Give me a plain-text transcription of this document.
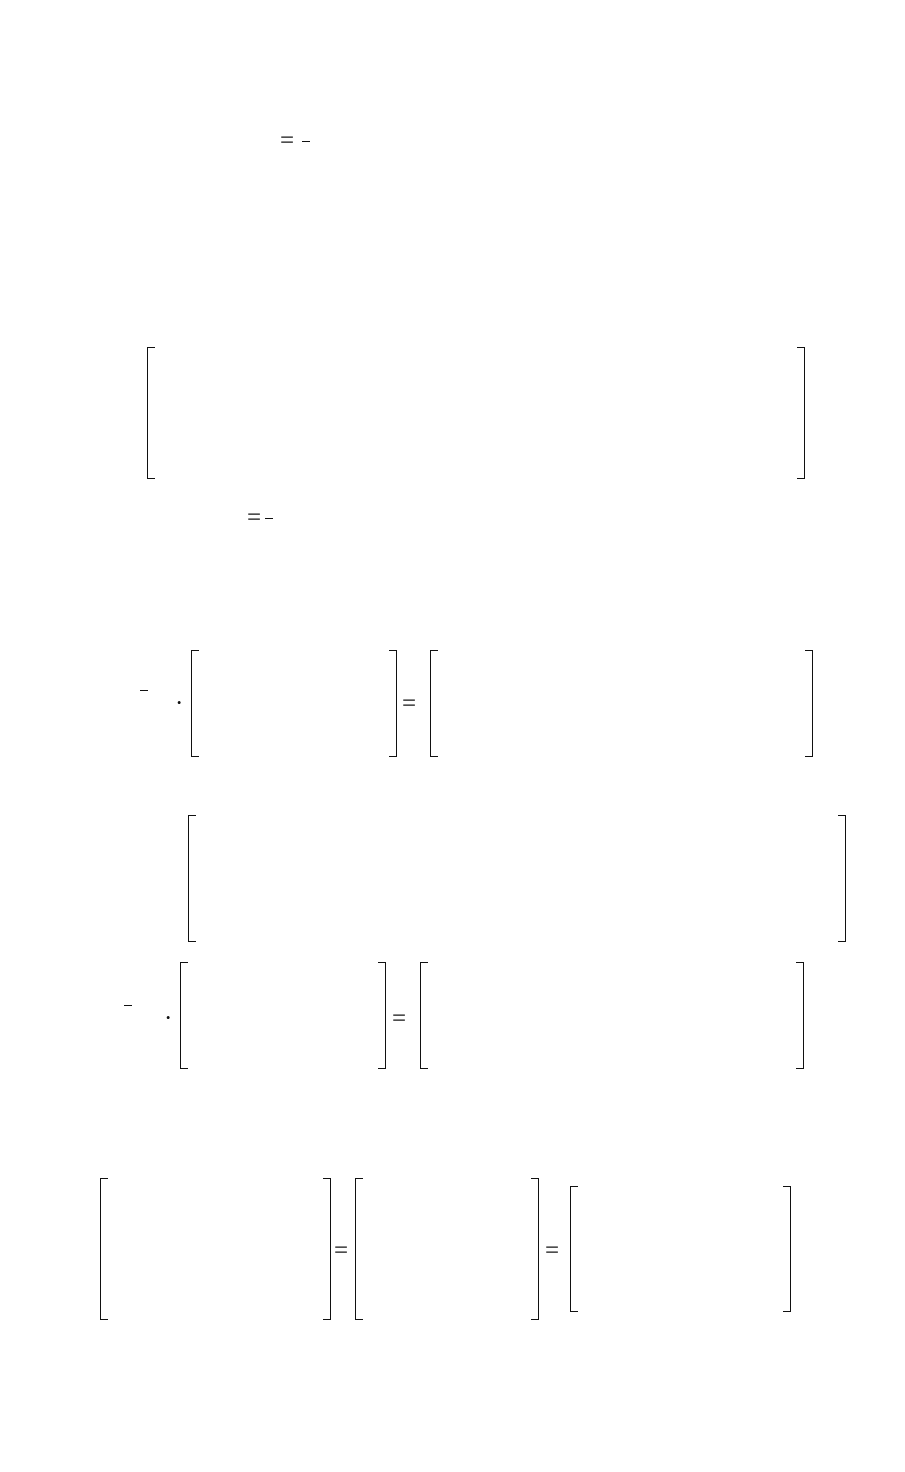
=
=
·	=
·	=
=	=
